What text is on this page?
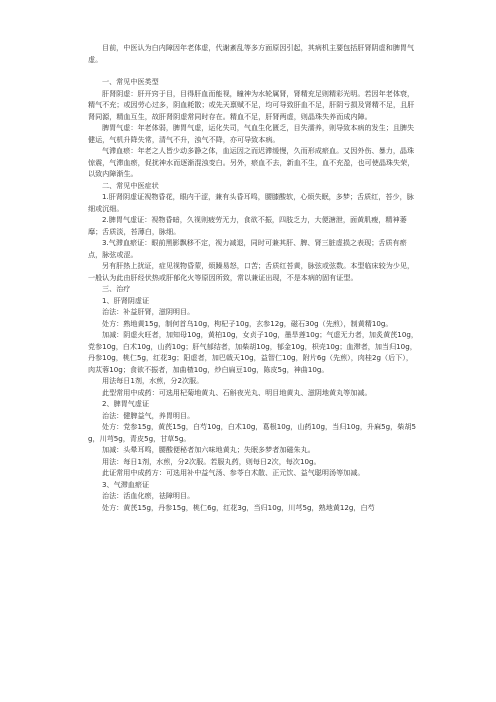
目前，中医认为白内障因年老体虚，代谢紊乱等多方面原因引起，其病机主要包括肝肾阴虚和脾胃气虚。

一、常见中医类型

肝肾阴虚：肝开窍于目，目得肝血而能视，瞳神为水轮属肾，肾精充足则精彩光明。若因年老体衰，精气不充；或因劳心过多，阴血耗散；或先天禀赋不足，均可导致肝血不足，肝阴亏损及肾精不足，且肝肾同源，精血互生，故肝肾阴虚常同时存在。精血不足，肝肾两虚，则晶珠失养而成内障。

脾胃气虚：年老体弱，脾胃气虚，运化失司，气血生化匮乏，目失濡养，则导致本病的发生；且脾失健运，气机升降失常，清气不升，浊气不降，亦可导致本病。

气滞血瘀：年老之人皆少动多静之体，血运因之而迟滞缓慢，久而形成瘀血。又因外伤、暴力，晶珠惊震，气滞血瘀，促扰神水而逐渐混浊变白。另外，瘀血不去，新血不生，血不充盈，也可使晶珠失荣，以致内障渐生。

二、常见中医症状

1.肝肾阴虚证视物昏花，眼内干涩，兼有头昏耳鸣，腰膝酸软，心烦失眠，多梦；舌质红，苔少，脉细或沉细。

2.脾胃气虚证：视物昏暗，久视则疲劳无力，食欲不振，四肢乏力，大便溏泄，面黄肌瘦，精神萎靡；舌质淡，苔薄白，脉细。

3.气滞血瘀证：眼前黑影飘移不定，视力减退，同时可兼其肝、脾、肾三脏虚损之表现；舌质有瘀点，脉弦或涩。

另有肝热上扰证，症见视物昏蒙，烦躁易怒，口苦；舌质红苔黄，脉弦或弦数。本型临床较为少见，一般认为此由肝经伏热或肝郁化火等原因所致，常以兼证出现，不是本病的固有证型。

三、治疗

1、肝肾阴虚证

治法：补益肝肾，滋阴明目。

处方：熟地黄15g，制何首乌10g，枸杞子10g，玄参12g，磁石30g（先煎），制黄精10g。

加减：阴虚火旺者，加知母10g，黄柏10g，女贞子10g，墨旱莲10g；气虚无力者，加炙黄芪10g，党参10g，白术10g，山药10g；肝气郁结者，加柴胡10g，郁金10g，枳壳10g；血滞者，加当归10g，丹参10g，桃仁5g，红花3g；阳虚者，加巴戟天10g，益智仁10g，附片6g（先煎），肉桂2g（后下），肉苁蓉10g；食欲不振者，加曲楂10g，炒白扁豆10g，陈皮5g，神曲10g。

用法每日1剂，水煎，分2次服。

此型常用中成药：可选用杞菊地黄丸、石斛夜光丸、明目地黄丸、滋阴地黄丸等加减。

2、脾胃气虚证

治法：健脾益气，养胃明目。

处方：党参15g，黄芪15g，白芍10g，白术10g，葛根10g，山药10g，当归10g，升麻5g，柴胡5g，川芎5g，青皮5g，甘草5g。

加减：头晕耳鸣，腰酸便秘者加六味地黄丸；失眠多梦者加磁朱丸。

用法：每日1剂，水煎，分2次服。若服丸药，则每日2次，每次10g。

此证常用中成药方：可选用补中益气汤、参苓白术散、正元饮、益气聪明汤等加减。

3、气滞血瘀证

治法：活血化瘀，祛障明目。

处方：黄芪15g，丹参15g，桃仁6g，红花3g，当归10g，川芎5g，熟地黄12g，白芍
